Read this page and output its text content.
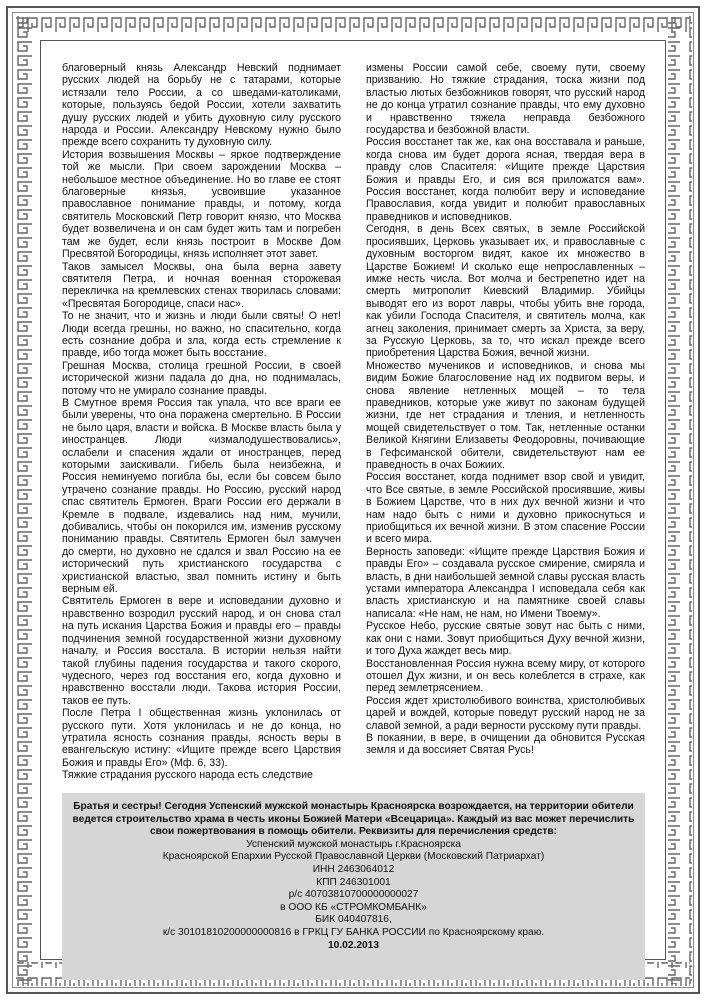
благоверный князь Александр Невский поднимает русских людей на борьбу не с татарами, которые истязали тело России, а со шведами-католиками, которые, пользуясь бедой России, хотели захватить душу русских людей и убить духовную силу русского народа и России. Александру Невскому нужно было прежде всего сохранить ту духовную силу.

История возвышения Москвы – яркое подтверждение той же мысли. При своем зарождении Москва – небольшое местное объединение. Но во главе ее стоят благоверные князья, усвоившие указанное православное понимание правды, и потому, когда святитель Московский Петр говорит князю, что Москва будет возвеличена и он сам будет жить там и погребен там же будет, если князь построит в Москве Дом Пресвятой Богородицы, князь исполняет этот завет.

Таков замысел Москвы, она была верна завету святителя Петра, и ночная военная сторожевая перекличка на кремлевских стенах творилась словами: «Пресвятая Богородице, спаси нас».

То не значит, что и жизнь и люди были святы! О нет! Люди всегда грешны, но важно, но спасительно, когда есть сознание добра и зла, когда есть стремление к правде, ибо тогда может быть восстание.

Грешная Москва, столица грешной России, в своей исторической жизни падала до дна, но поднималась, потому что не умирало сознание правды.

В Смутное время Россия так упала, что все враги ее были уверены, что она поражена смертельно. В России не было царя, власти и войска. В Москве власть была у иностранцев. Люди «измалодушествовались», ослабели и спасения ждали от иностранцев, перед которыми заискивали. Гибель была неизбежна, и Россия неминуемо погибла бы, если бы совсем было утрачено сознание правды. Но Россию, русский народ спас святитель Ермоген. Враги России его держали в Кремле в подвале, издевались над ним, мучили, добивались, чтобы он покорился им, изменив русскому пониманию правды. Святитель Ермоген был замучен до смерти, но духовно не сдался и звал Россию на ее исторический путь христианского государства с христианской властью, звал помнить истину и быть верным ей.

Святитель Ермоген в вере и исповедании духовно и нравственно возродил русский народ, и он снова стал на путь искания Царства Божия и правды его – правды подчинения земной государственной жизни духовному началу, и Россия восстала. В истории нельзя найти такой глубины падения государства и такого скорого, чудесного, через год восстания его, когда духовно и нравственно восстали люди. Такова история России, таков ее путь.

После Петра I общественная жизнь уклонилась от русского пути. Хотя уклонилась и не до конца, но утратила ясность сознания правды, ясность веры в евангельскую истину: «Ищите прежде всего Царствия Божия и правды Его» (Мф. 6, 33).

Тяжкие страдания русского народа есть следствие

измены России самой себе, своему пути, своему призванию. Но тяжкие страдания, тоска жизни под властью лютых безбожников говорят, что русский народ не до конца утратил сознание правды, что ему духовно и нравственно тяжела неправда безбожного государства и безбожной власти.

Россия восстанет так же, как она восставала и раньше, когда снова им будет дорога ясная, твердая вера в правду слов Спасителя: «Ищите прежде Царствия Божия и правды Его, и сия вся приложатся вам». Россия восстанет, когда полюбит веру и исповедание Православия, когда увидит и полюбит православных праведников и исповедников.

Сегодня, в день Всех святых, в земле Российской просиявших, Церковь указывает их, и православные с духовным восторгом видят, какое их множество в Царстве Божием! И сколько еще непрославленных – имже несть числа. Вот молча и бестрепетно идет на смерть митрополит Киевский Владимир. Убийцы выводят его из ворот лавры, чтобы убить вне города, как убили Господа Спасителя, и святитель молча, как агнец заколения, принимает смерть за Христа, за веру, за Русскую Церковь, за то, что искал прежде всего приобретения Царства Божия, вечной жизни.

Множество мучеников и исповедников, и снова мы видим Божие благословение над их подвигом веры, и снова явление нетленных мощей – то тела праведников, которые уже живут по законам будущей жизни, где нет страдания и тления, и нетленность мощей свидетельствует о том. Так, нетленные останки Великой Княгини Елизаветы Феодоровны, почивающие в Гефсиманской обители, свидетельствуют нам ее праведность в очах Божиих.

Россия восстанет, когда поднимет взор свой и увидит, что Все святые, в земле Российской просиявшие, живы в Божием Царстве, что в них дух вечной жизни и что нам надо быть с ними и духовно прикоснуться и приобщиться их вечной жизни. В этом спасение России и всего мира.

Верность заповеди: «Ищите прежде Царствия Божия и правды Его» – создавала русское смирение, смиряла и власть, в дни наибольшей земной славы русская власть устами императора Александра I исповедала себя как власть христианскую и на памятнике своей славы написала: «Не нам, не нам, но Имени Твоему».

Русское Небо, русские святые зовут нас быть с ними, как они с нами. Зовут приобщиться Духу вечной жизни, и того Духа жаждет весь мир.

Восстановленная Россия нужна всему миру, от которого отошел Дух жизни, и он весь колеблется в страхе, как перед землетрясением.

Россия ждет христолюбивого воинства, христолюбивых царей и вождей, которые поведут русский народ не за славой земной, а ради верности русскому пути правды.

В покаянии, в вере, в очищении да обновится Русская земля и да воссияет Святая Русь!

Братья и сестры! Сегодня Успенский мужской монастырь Красноярска возрождается, на территории обители ведется строительство храма в честь иконы Божией Матери «Всецарица». Каждый из вас может перечислить свои пожертвования в помощь обители. Реквизиты для перечисления средств:

Успенский мужской монастырь г.Красноярска

Красноярской Епархии Русской Православной Церкви (Московский Патриархат)

ИНН 2463064012

КПП 246301001

р/с 40703810700000000027

в ООО КБ «СТРОМКОМБАНК»

БИК 040407816,

к/с 30101810200000000816 в ГРКЦ ГУ БАНКА РОССИИ по Красноярскому краю.

10.02.2013
